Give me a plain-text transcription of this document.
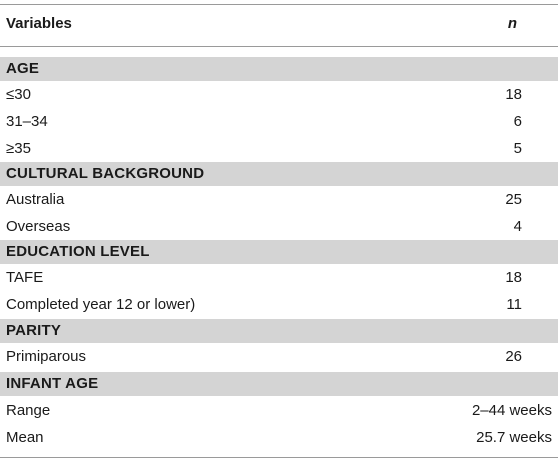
Variables	n
AGE
≤30	18
31–34	6
≥35	5
CULTURAL BACKGROUND
Australia	25
Overseas	4
EDUCATION LEVEL
TAFE	18
Completed year 12 or lower)	11
PARITY
Primiparous	26
INFANT AGE
Range	2–44 weeks
Mean	25.7 weeks
